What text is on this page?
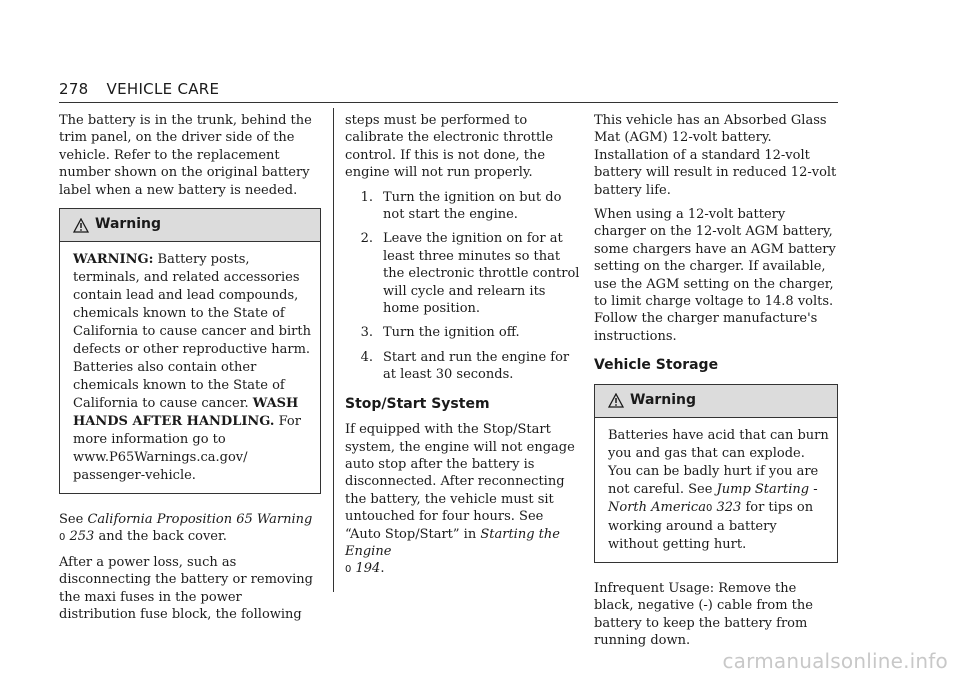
278 VEHICLE CARE

The battery is in the trunk, behind the trim panel, on the driver side of the vehicle. Refer to the replacement number shown on the original battery label when a new battery is needed.

Warning
WARNING: Battery posts, terminals, and related accessories contain lead and lead compounds, chemicals known to the State of California to cause cancer and birth defects or other reproductive harm. Batteries also contain other chemicals known to the State of California to cause cancer. WASH HANDS AFTER HANDLING. For more information go to www.P65Warnings.ca.gov/ passenger-vehicle.

See California Proposition 65 Warning
0 253 and the back cover.

After a power loss, such as disconnecting the battery or removing the maxi fuses in the power distribution fuse block, the following

steps must be performed to calibrate the electronic throttle control. If this is not done, the engine will not run properly.

1. Turn the ignition on but do not start the engine.
2. Leave the ignition on for at least three minutes so that the electronic throttle control will cycle and relearn its home position.
3. Turn the ignition off.
4. Start and run the engine for at least 30 seconds.
Stop/Start System

If equipped with the Stop/Start system, the engine will not engage auto stop after the battery is disconnected. After reconnecting the battery, the vehicle must sit untouched for four hours. See “Auto Stop/Start” in Starting the Engine
0 194.

This vehicle has an Absorbed Glass Mat (AGM) 12-volt battery. Installation of a standard 12-volt battery will result in reduced 12-volt battery life.

When using a 12-volt battery charger on the 12-volt AGM battery, some chargers have an AGM battery setting on the charger. If available, use the AGM setting on the charger, to limit charge voltage to 14.8 volts. Follow the charger manufacture's instructions.

Vehicle Storage
Warning
Batteries have acid that can burn you and gas that can explode. You can be badly hurt if you are not careful. See Jump Starting - North America0 323 for tips on working around a battery without getting hurt.

Infrequent Usage: Remove the black, negative (-) cable from the battery to keep the battery from running down.

carmanualsonline.info
